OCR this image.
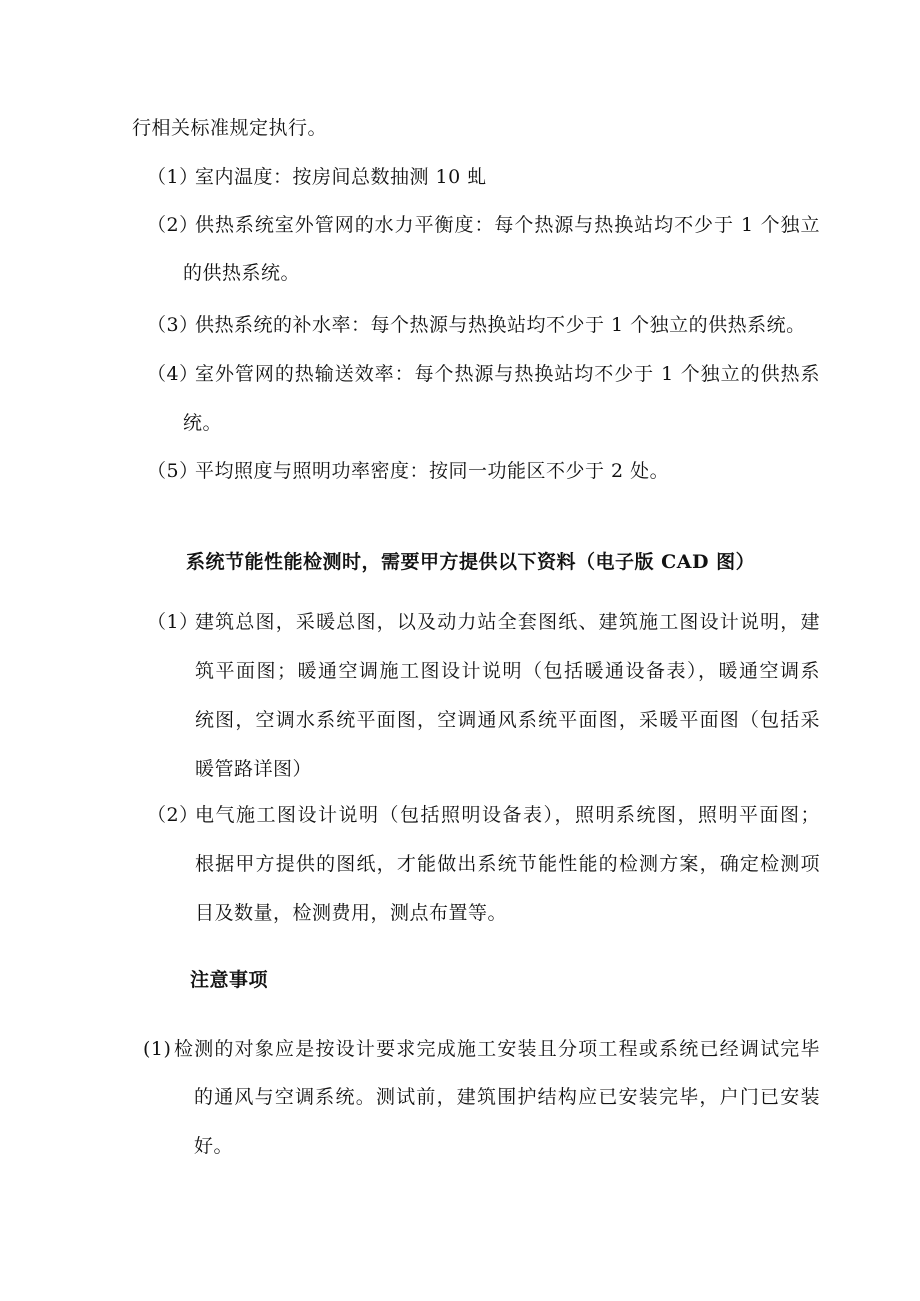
行相关标准规定执行。
（1）
室内温度：按房间总数抽测 10 虬
（2）
供热系统室外管网的水力平衡度：每个热源与热换站均不少于 1 个独立
的供热系统。
（3）
供热系统的补水率：每个热源与热换站均不少于 1 个独立的供热系统。
（4）
室外管网的热输送效率：每个热源与热换站均不少于 1 个独立的供热系
统。
（5）
平均照度与照明功率密度：按同一功能区不少于 2 处。
系统节能性能检测时，需要甲方提供以下资料（电子版 CAD 图）
（1）
建筑总图，采暖总图，以及动力站全套图纸、建筑施工图设计说明，建
筑平面图；暖通空调施工图设计说明（包括暖通设备表），暖通空调系
统图，空调水系统平面图，空调通风系统平面图，采暖平面图（包括采
暖管路详图）
（2）
电气施工图设计说明（包括照明设备表），照明系统图，照明平面图；
根据甲方提供的图纸，才能做出系统节能性能的检测方案，确定检测项
目及数量，检测费用，测点布置等。
注意事项
(1) 检测的对象应是按设计要求完成施工安装且分项工程或系统已经调试完毕
的通风与空调系统。测试前，建筑围护结构应已安装完毕，户门已安装
好。
